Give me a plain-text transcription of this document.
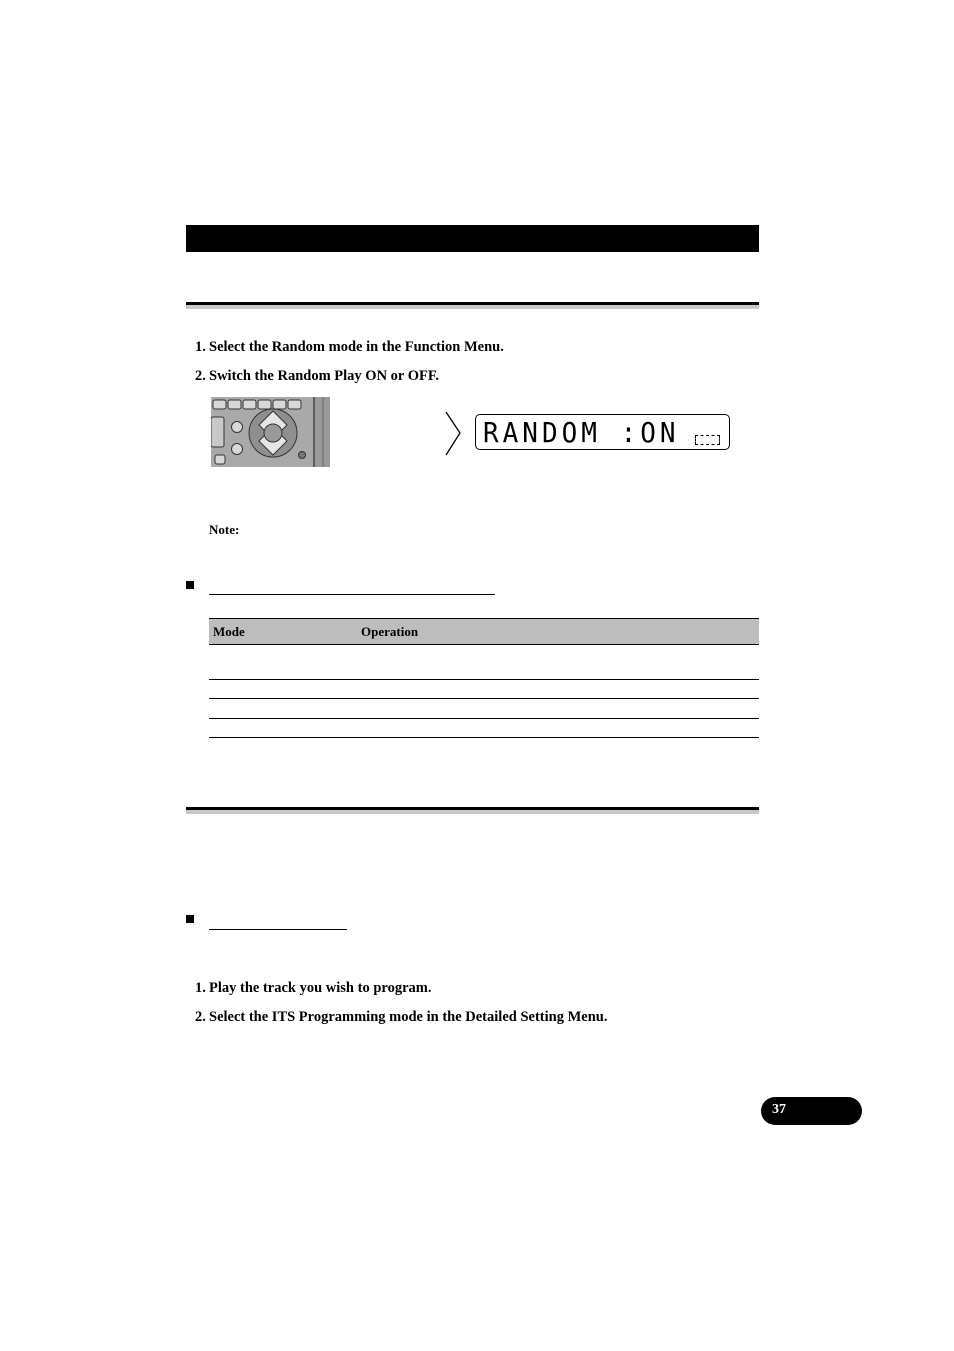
1. Select the Random mode in the Function Menu.
2. Switch the Random Play ON or OFF.
RANDOM :ON
Note:
Mode	Operation
1. Play the track you wish to program.
2. Select the ITS Programming mode in the Detailed Setting Menu.
37
